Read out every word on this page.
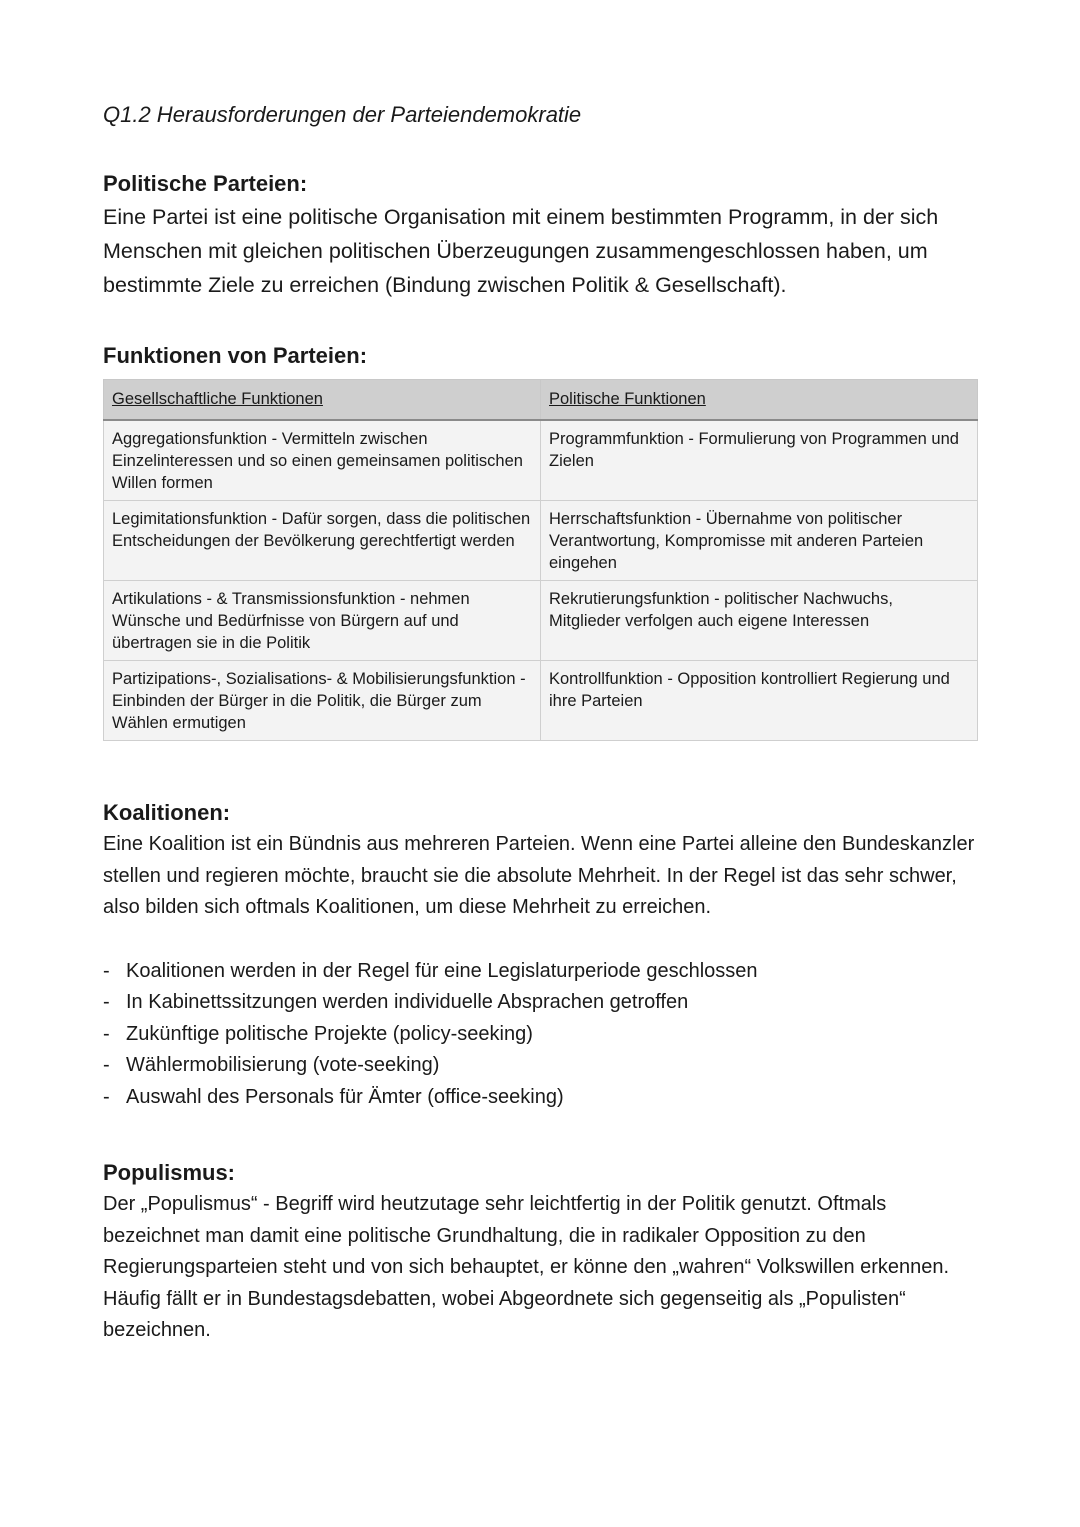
Q1.2 Herausforderungen der Parteiendemokratie
Politische Parteien:

Eine Partei ist eine politische Organisation mit einem bestimmten Programm, in der sich Menschen mit gleichen politischen Überzeugungen zusammengeschlossen haben, um bestimmte Ziele zu erreichen (Bindung zwischen Politik & Gesellschaft).

Funktionen von Parteien:
Gesellschaftliche Funktionen	Politische Funktionen
Aggregationsfunktion - Vermitteln zwischen Einzelinteressen und so einen gemeinsamen politischen Willen formen	Programmfunktion - Formulierung von Programmen und Zielen
Legimitationsfunktion - Dafür sorgen, dass die politischen Entscheidungen der Bevölkerung gerechtfertigt werden	Herrschaftsfunktion - Übernahme von politischer Verantwortung, Kompromisse mit anderen Parteien eingehen
Artikulations - & Transmissionsfunktion - nehmen Wünsche und Bedürfnisse von Bürgern auf und übertragen sie in die Politik	Rekrutierungsfunktion - politischer Nachwuchs, Mitglieder verfolgen auch eigene Interessen
Partizipations-, Sozialisations- & Mobilisierungsfunktion - Einbinden der Bürger in die Politik, die Bürger zum Wählen ermutigen	Kontrollfunktion - Opposition kontrolliert Regierung und ihre Parteien
Koalitionen:

Eine Koalition ist ein Bündnis aus mehreren Parteien. Wenn eine Partei alleine den Bundeskanzler stellen und regieren möchte, braucht sie die absolute Mehrheit. In der Regel ist das sehr schwer, also bilden sich oftmals Koalitionen, um diese Mehrheit zu erreichen.

- Koalitionen werden in der Regel für eine Legislaturperiode geschlossen
- In Kabinettssitzungen werden individuelle Absprachen getroffen
- Zukünftige politische Projekte (policy-seeking)
- Wählermobilisierung (vote-seeking)
- Auswahl des Personals für Ämter (office-seeking)
Populismus:

Der „Populismus“ - Begriff wird heutzutage sehr leichtfertig in der Politik genutzt. Oftmals bezeichnet man damit eine politische Grundhaltung, die in radikaler Opposition zu den Regierungsparteien steht und von sich behauptet, er könne den „wahren“ Volkswillen erkennen. Häufig fällt er in Bundestagsdebatten, wobei Abgeordnete sich gegenseitig als „Populisten“ bezeichnen.
